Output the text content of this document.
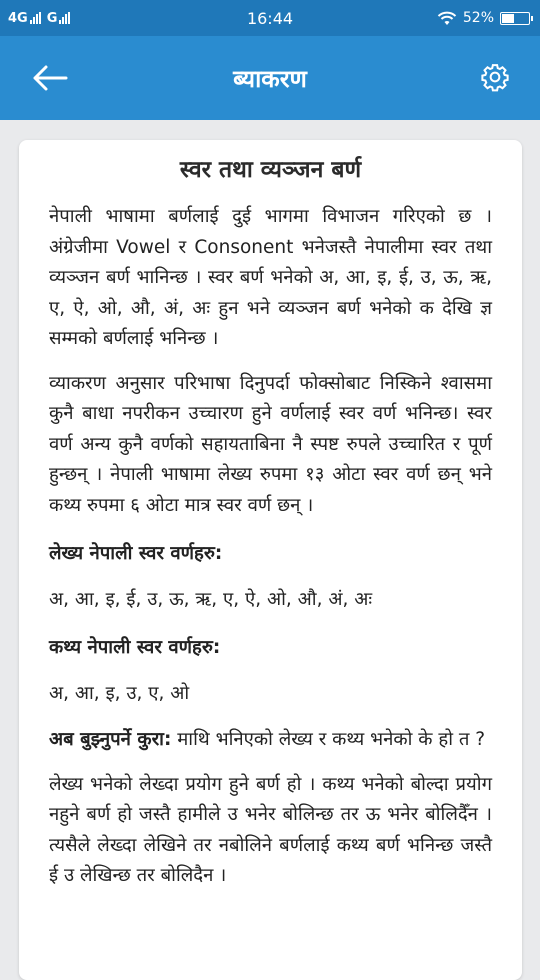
4G G	16:44	52%
ब्याकरण
स्वर तथा व्यञ्जन बर्ण

नेपाली भाषामा बर्णलाई दुई भागमा विभाजन गरिएको छ । अंग्रेजीमा Vowel र Consonent भनेजस्तै नेपालीमा स्वर तथा व्यञ्जन बर्ण भानिन्छ । स्वर बर्ण भनेको अ, आ, इ, ई, उ, ऊ, ऋ, ए, ऐ, ओ, औ, अं, अः हुन भने व्यञ्जन बर्ण भनेको क देखि ज्ञ सम्मको बर्णलाई भनिन्छ ।

व्याकरण अनुसार परिभाषा दिनुपर्दा फोक्सोबाट निस्किने श्वासमा कुनै बाधा नपरीकन उच्चारण हुने वर्णलाई स्वर वर्ण भनिन्छ। स्वर वर्ण अन्य कुनै वर्णको सहायताबिना नै स्पष्ट रुपले उच्चारित र पूर्ण हुन्छन् । नेपाली भाषामा लेख्य रुपमा १३ ओटा स्वर वर्ण छन् भने कथ्य रुपमा ६ ओटा मात्र स्वर वर्ण छन् ।

लेख्य नेपाली स्वर वर्णहरु:
अ, आ, इ, ई, उ, ऊ, ऋ, ए, ऐ, ओ, औ, अं, अः
कथ्य नेपाली स्वर वर्णहरु:
अ, आ, इ, उ, ए, ओ

अब बुझ्नुपर्ने कुरा: माथि भनिएको लेख्य र कथ्य भनेको के हो त ?

लेख्य भनेको लेख्दा प्रयोग हुने बर्ण हो । कथ्य भनेको बोल्दा प्रयोग नहुने बर्ण हो जस्तै हामीले उ भनेर बोलिन्छ तर ऊ भनेर बोलिदैँन । त्यसैले लेख्दा लेखिने तर नबोलिने बर्णलाई कथ्य बर्ण भनिन्छ जस्तै ई उ लेखिन्छ तर बोलिदैन ।
